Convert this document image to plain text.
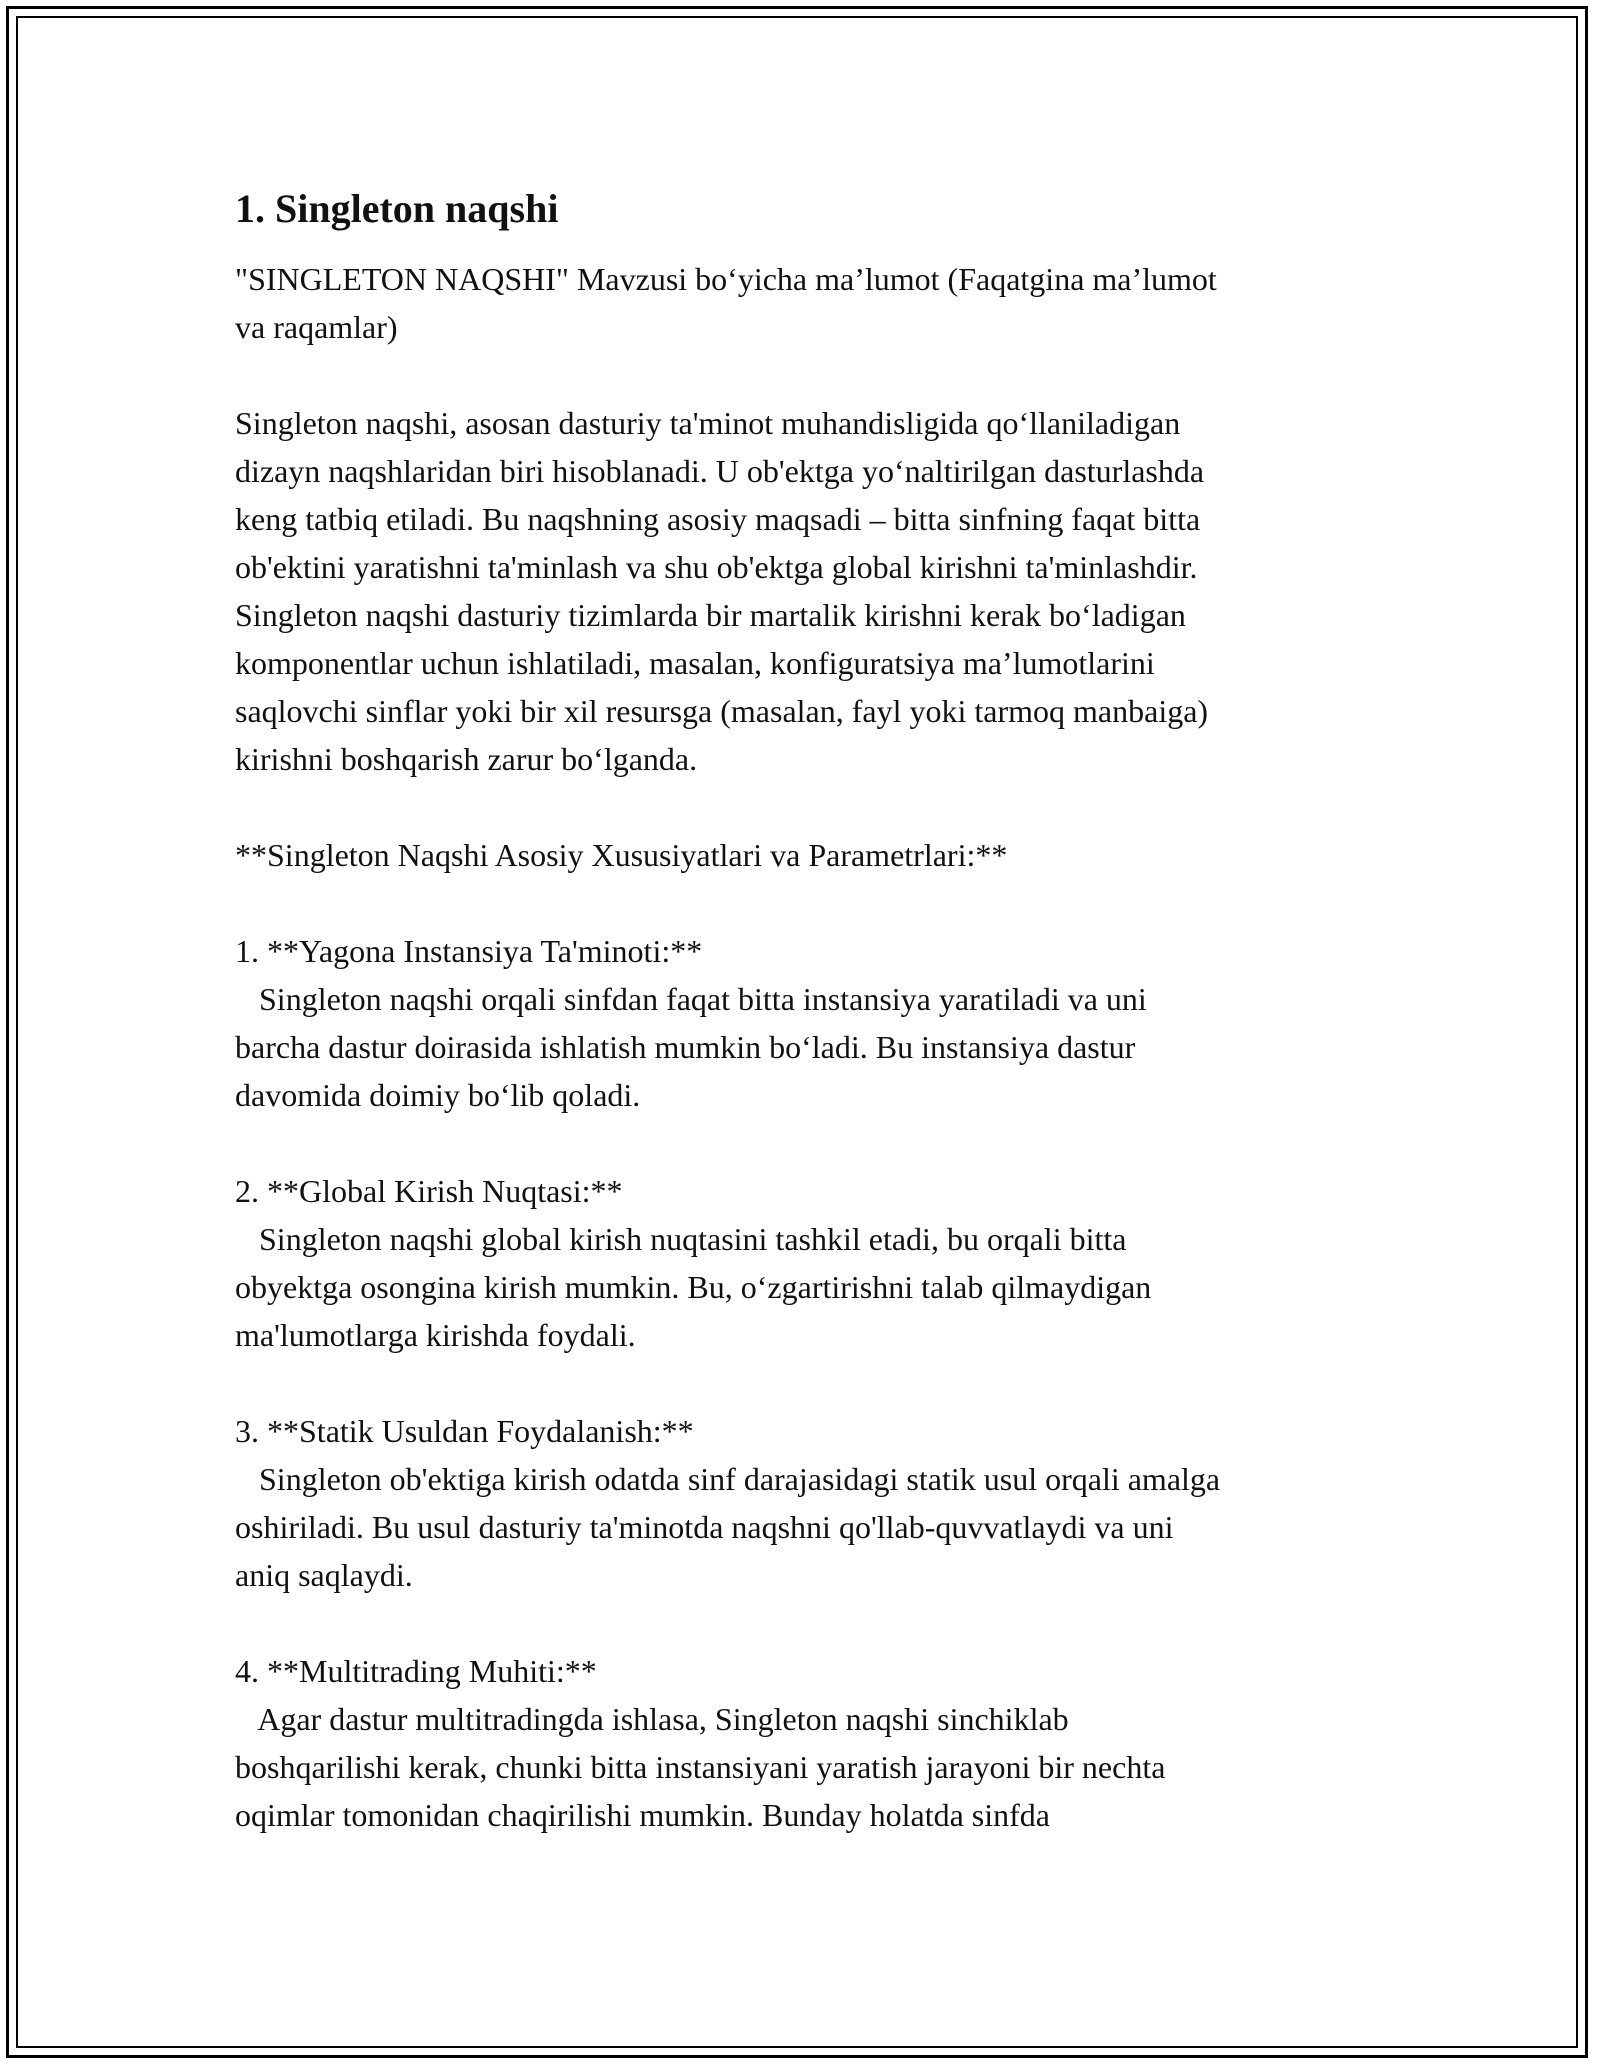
1. Singleton naqshi

"SINGLETON NAQSHI" Mavzusi bo‘yicha ma’lumot (Faqatgina ma’lumot

va raqamlar)

Singleton naqshi, asosan dasturiy ta'minot muhandisligida qo‘llaniladigan

dizayn naqshlaridan biri hisoblanadi. U ob'ektga yo‘naltirilgan dasturlashda

keng tatbiq etiladi. Bu naqshning asosiy maqsadi – bitta sinfning faqat bitta

ob'ektini yaratishni ta'minlash va shu ob'ektga global kirishni ta'minlashdir.

Singleton naqshi dasturiy tizimlarda bir martalik kirishni kerak bo‘ladigan

komponentlar uchun ishlatiladi, masalan, konfiguratsiya ma’lumotlarini

saqlovchi sinflar yoki bir xil resursga (masalan, fayl yoki tarmoq manbaiga)

kirishni boshqarish zarur bo‘lganda.

**Singleton Naqshi Asosiy Xususiyatlari va Parametrlari:**

1. **Yagona Instansiya Ta'minoti:**

Singleton naqshi orqali sinfdan faqat bitta instansiya yaratiladi va uni

barcha dastur doirasida ishlatish mumkin bo‘ladi. Bu instansiya dastur

davomida doimiy bo‘lib qoladi.

2. **Global Kirish Nuqtasi:**

Singleton naqshi global kirish nuqtasini tashkil etadi, bu orqali bitta

obyektga osongina kirish mumkin. Bu, o‘zgartirishni talab qilmaydigan

ma'lumotlarga kirishda foydali.

3. **Statik Usuldan Foydalanish:**

Singleton ob'ektiga kirish odatda sinf darajasidagi statik usul orqali amalga

oshiriladi. Bu usul dasturiy ta'minotda naqshni qo'llab-quvvatlaydi va uni

aniq saqlaydi.

4. **Multitrading Muhiti:**

Agar dastur multitradingda ishlasa, Singleton naqshi sinchiklab

boshqarilishi kerak, chunki bitta instansiyani yaratish jarayoni bir nechta

oqimlar tomonidan chaqirilishi mumkin. Bunday holatda sinfda
